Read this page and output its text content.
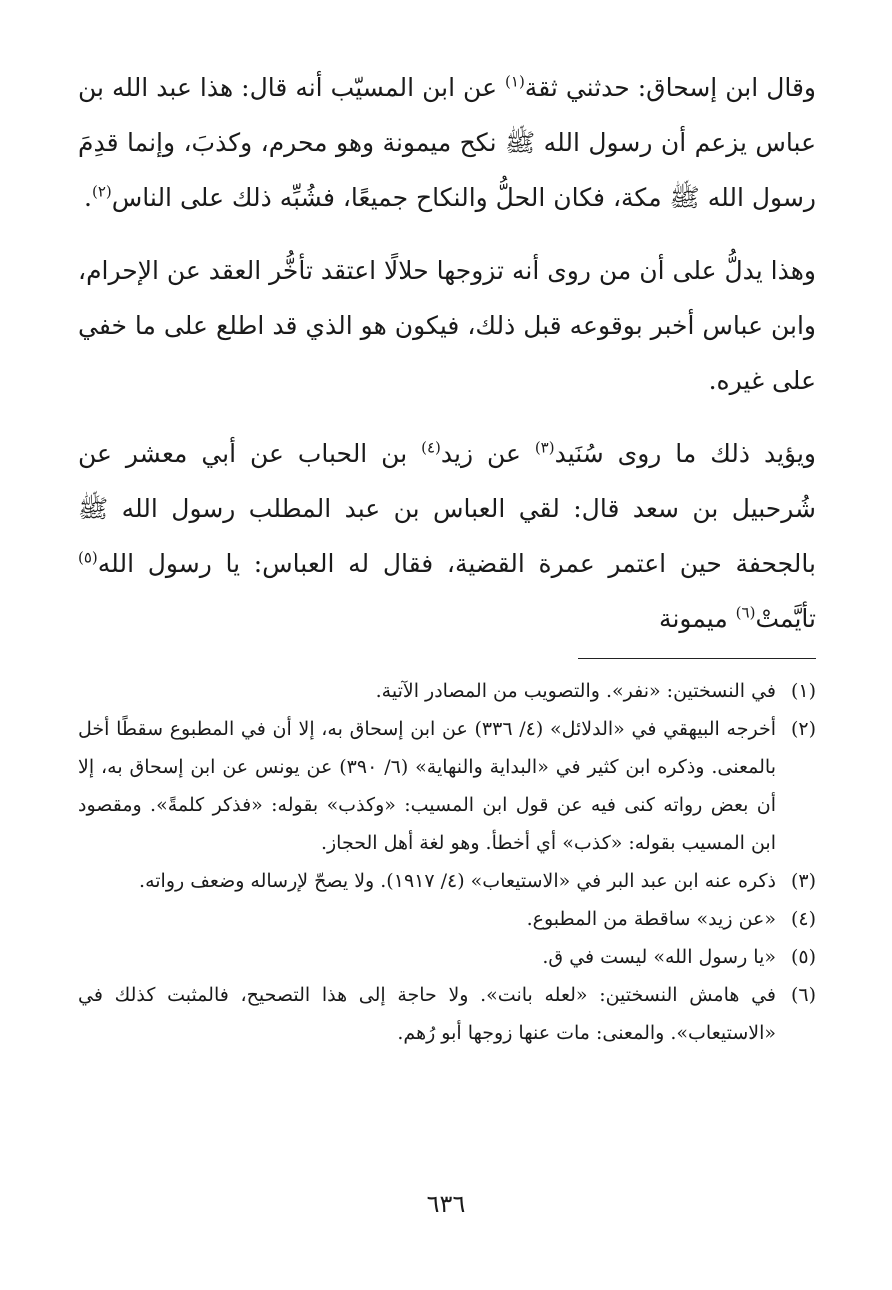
وقال ابن إسحاق: حدثني ثقة$^{(١)}$ عن ابن المسيّب أنه قال: هذا عبد الله بن عباس يزعم أن رسول الله ﷺ نكح ميمونة وهو محرم، وكذبَ، وإنما قدِمَ رسول الله ﷺ مكة، فكان الحلُّ والنكاح جميعًا، فشُبِّه ذلك على الناس$^{(٢)}$.

وهذا يدلُّ على أن من روى أنه تزوجها حلالًا اعتقد تأخُّر العقد عن الإحرام، وابن عباس أخبر بوقوعه قبل ذلك، فيكون هو الذي قد اطلع على ما خفي على غيره.

ويؤيد ذلك ما روى سُنَيد$^{(٣)}$ عن زيد$^{(٤)}$ بن الحباب عن أبي معشر عن شُرحبيل بن سعد قال: لقي العباس بن عبد المطلب رسول الله ﷺ بالجحفة حين اعتمر عمرة القضية، فقال له العباس: يا رسول الله$^{(٥)}$ تأيَّمتْ$^{(٦)}$ ميمونة

(١)
في النسختين: «نفر». والتصويب من المصادر الآتية.
(٢)
أخرجه البيهقي في «الدلائل» (٤/ ٣٣٦) عن ابن إسحاق به، إلا أن في المطبوع سقطًا أخل بالمعنى. وذكره ابن كثير في «البداية والنهاية» (٦/ ٣٩٠) عن يونس عن ابن إسحاق به، إلا أن بعض رواته كنى فيه عن قول ابن المسيب: «وكذب» بقوله: «فذكر كلمةً». ومقصود ابن المسيب بقوله: «كذب» أي أخطأ. وهو لغة أهل الحجاز.
(٣)
ذكره عنه ابن عبد البر في «الاستيعاب» (٤/ ١٩١٧). ولا يصحّ لإرساله وضعف رواته.
(٤)
«عن زيد» ساقطة من المطبوع.
(٥)
«يا رسول الله» ليست في ق.
(٦)
في هامش النسختين: «لعله بانت». ولا حاجة إلى هذا التصحيح، فالمثبت كذلك في «الاستيعاب». والمعنى: مات عنها زوجها أبو رُهم.
٦٣٦
